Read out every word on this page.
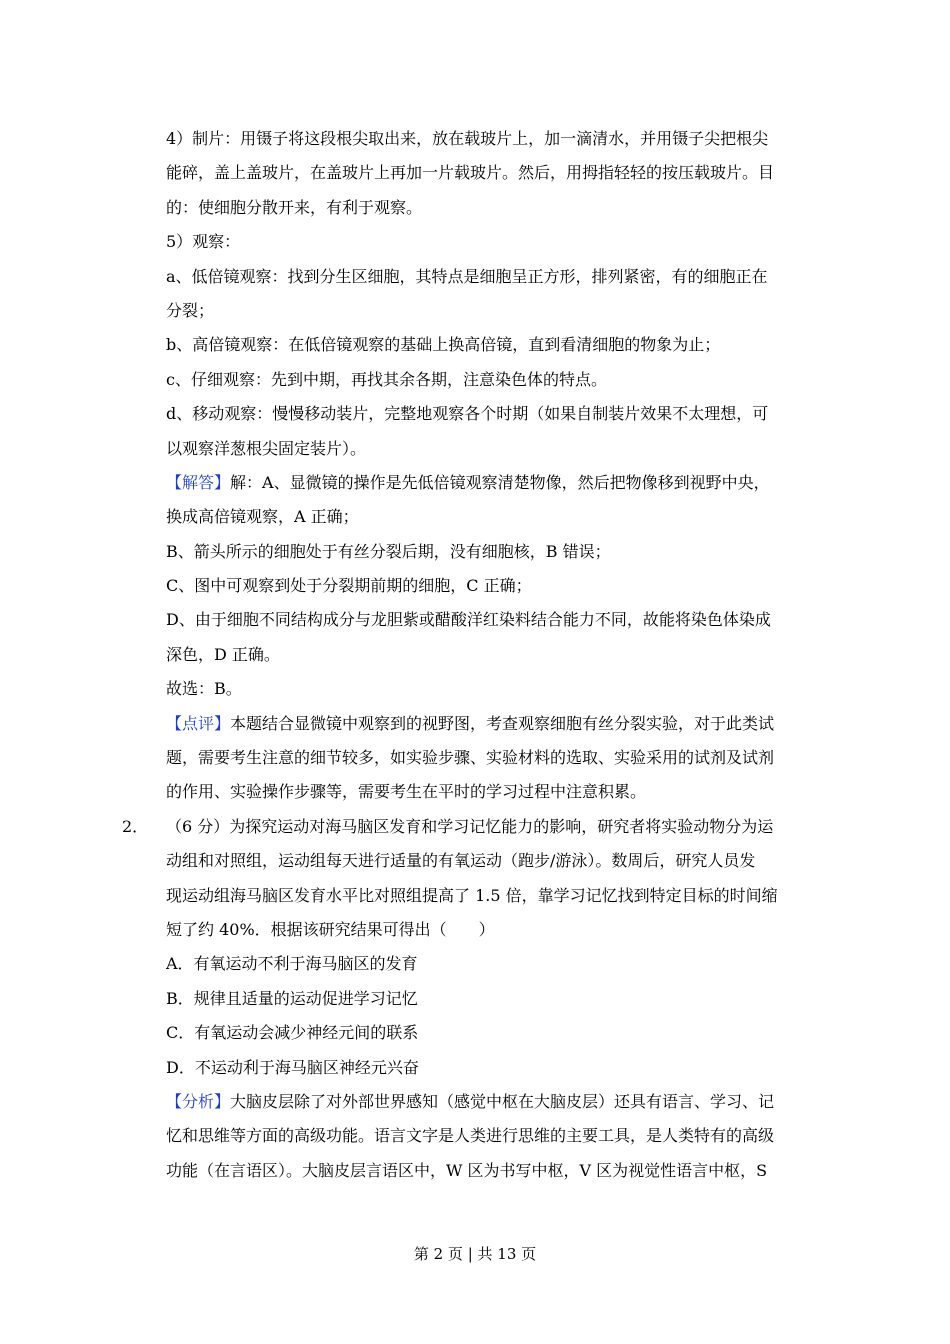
4）制片：用镊子将这段根尖取出来，放在载玻片上，加一滴清水，并用镊子尖把根尖
能碎，盖上盖玻片，在盖玻片上再加一片载玻片。然后，用拇指轻轻的按压载玻片。目
的：使细胞分散开来，有利于观察。
5）观察：
a、低倍镜观察：找到分生区细胞，其特点是细胞呈正方形，排列紧密，有的细胞正在
分裂；
b、高倍镜观察：在低倍镜观察的基础上换高倍镜，直到看清细胞的物象为止；
c、仔细观察：先到中期，再找其余各期，注意染色体的特点。
d、移动观察：慢慢移动装片，完整地观察各个时期（如果自制装片效果不太理想，可
以观察洋葱根尖固定装片）。
【解答】解：A、显微镜的操作是先低倍镜观察清楚物像，然后把物像移到视野中央，
换成高倍镜观察，A 正确；
B、箭头所示的细胞处于有丝分裂后期，没有细胞核，B 错误；
C、图中可观察到处于分裂期前期的细胞，C 正确；
D、由于细胞不同结构成分与龙胆紫或醋酸洋红染料结合能力不同，故能将染色体染成
深色，D 正确。
故选：B。
【点评】本题结合显微镜中观察到的视野图，考查观察细胞有丝分裂实验，对于此类试
题，需要考生注意的细节较多，如实验步骤、实验材料的选取、实验采用的试剂及试剂
的作用、实验操作步骤等，需要考生在平时的学习过程中注意积累。
2． （6 分）为探究运动对海马脑区发育和学习记忆能力的影响，研究者将实验动物分为运
动组和对照组，运动组每天进行适量的有氧运动（跑步/游泳）。数周后，研究人员发
现运动组海马脑区发育水平比对照组提高了 1.5 倍，靠学习记忆找到特定目标的时间缩
短了约 40%．根据该研究结果可得出（　　）
A．有氧运动不利于海马脑区的发育
B．规律且适量的运动促进学习记忆
C．有氧运动会减少神经元间的联系
D．不运动利于海马脑区神经元兴奋
【分析】大脑皮层除了对外部世界感知（感觉中枢在大脑皮层）还具有语言、学习、记
忆和思维等方面的高级功能。语言文字是人类进行思维的主要工具，是人类特有的高级
功能（在言语区）。大脑皮层言语区中，W 区为书写中枢，V 区为视觉性语言中枢，S
第 2 页 | 共 13 页
